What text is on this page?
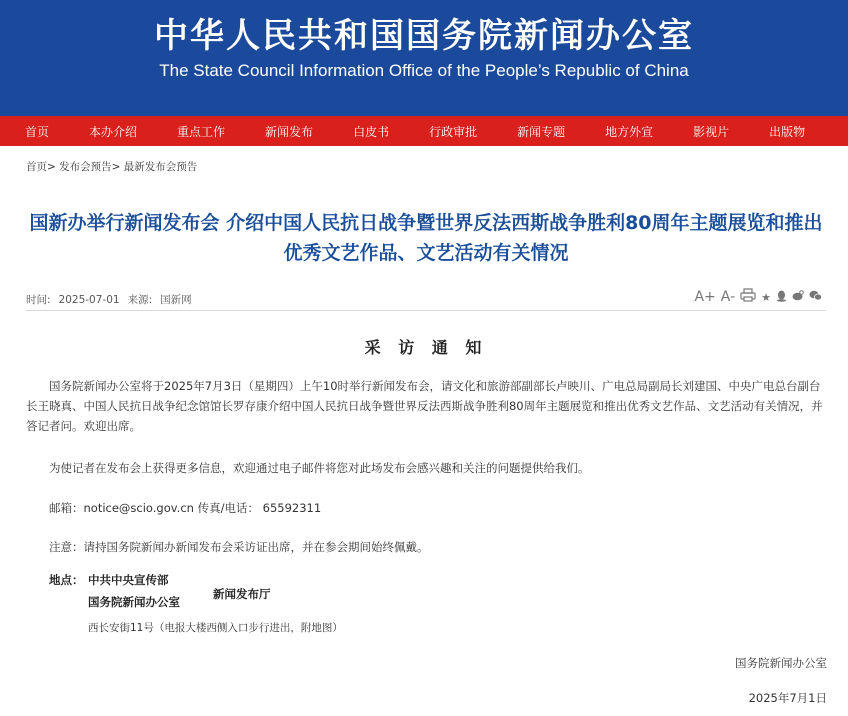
中华人民共和国国务院新闻办公室
The State Council Information Office of the People’s Republic of China
首页	本办介绍	重点工作	新闻发布	白皮书	行政审批	新闻专题	地方外宣	影视片	出版物
首页> 发布会预告> 最新发布会预告
国新办举行新闻发布会 介绍中国人民抗日战争暨世界反法西斯战争胜利80周年主题展览和推出优秀文艺作品、文艺活动有关情况
时间: 2025-07-01 来源: 国新网	A+ A- ★
采 访 通 知
国务院新闻办公室将于2025年7月3日（星期四）上午10时举行新闻发布会，请文化和旅游部副部长卢映川、广电总局副局长刘建国、中央广电总台副台长王晓真、中国人民抗日战争纪念馆馆长罗存康介绍中国人民抗日战争暨世界反法西斯战争胜利80周年主题展览和推出优秀文艺作品、文艺活动有关情况，并答记者问。欢迎出席。
为使记者在发布会上获得更多信息，欢迎通过电子邮件将您对此场发布会感兴趣和关注的问题提供给我们。
邮箱：notice@scio.gov.cn 传真/电话： 65592311
注意：请持国务院新闻办新闻发布会采访证出席，并在参会期间始终佩戴。
地点： 中共中央宣传部
国务院新闻办公室
新闻发布厅
西长安街11号（电报大楼西侧入口步行进出，附地图）
国务院新闻办公室
2025年7月1日
